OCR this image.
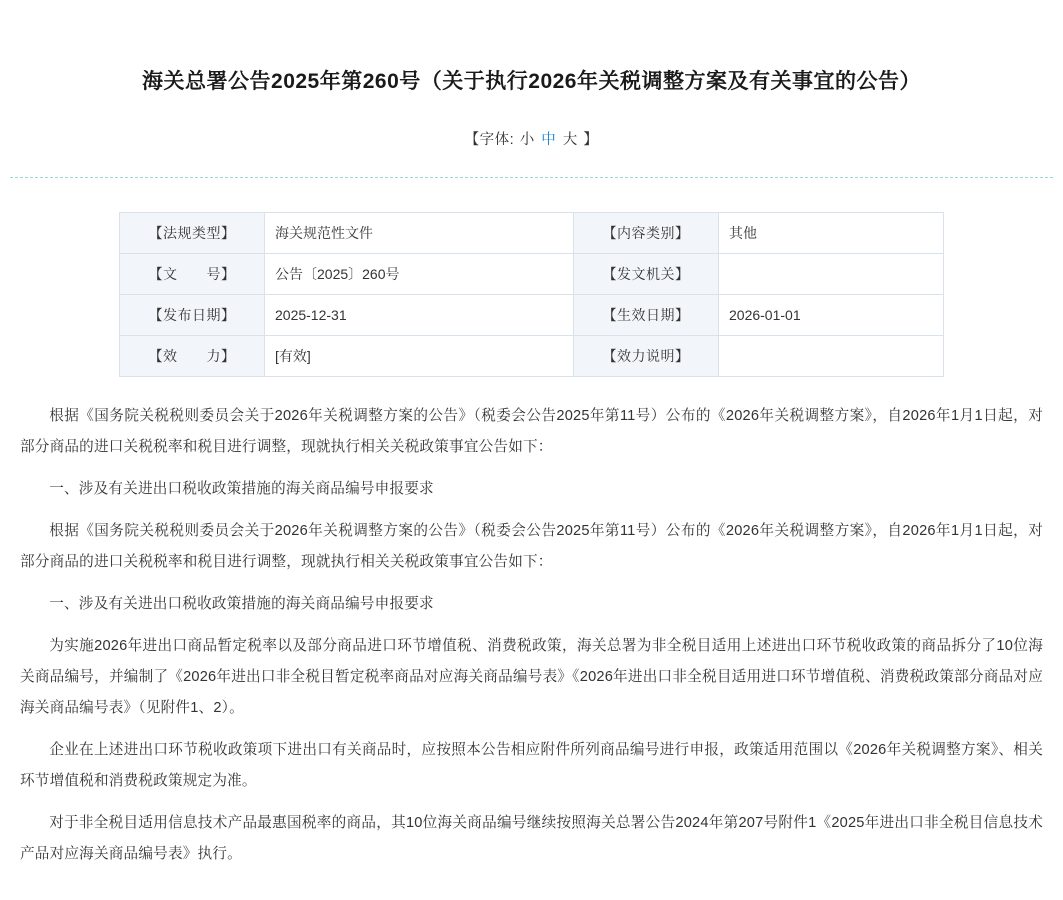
海关总署公告2025年第260号（关于执行2026年关税调整方案及有关事宜的公告）
【字体: 小 中 大 】
【法规类型】	海关规范性文件	【内容类别】	其他
【文　　号】	公告〔2025〕260号	【发文机关】	
【发布日期】	2025-12-31	【生效日期】	2026-01-01
【效　　力】	[有效]	【效力说明】	

根据《国务院关税税则委员会关于2026年关税调整方案的公告》（税委会公告2025年第11号）公布的《2026年关税调整方案》，自2026年1月1日起，对部分商品的进口关税税率和税目进行调整，现就执行相关关税政策事宜公告如下：

一、涉及有关进出口税收政策措施的海关商品编号申报要求

根据《国务院关税税则委员会关于2026年关税调整方案的公告》（税委会公告2025年第11号）公布的《2026年关税调整方案》，自2026年1月1日起，对部分商品的进口关税税率和税目进行调整，现就执行相关关税政策事宜公告如下：

一、涉及有关进出口税收政策措施的海关商品编号申报要求

为实施2026年进出口商品暂定税率以及部分商品进口环节增值税、消费税政策，海关总署为非全税目适用上述进出口环节税收政策的商品拆分了10位海关商品编号，并编制了《2026年进出口非全税目暂定税率商品对应海关商品编号表》《2026年进出口非全税目适用进口环节增值税、消费税政策部分商品对应海关商品编号表》（见附件1、2）。

企业在上述进出口环节税收政策项下进出口有关商品时，应按照本公告相应附件所列商品编号进行申报，政策适用范围以《2026年关税调整方案》、相关环节增值税和消费税政策规定为准。

对于非全税目适用信息技术产品最惠国税率的商品，其10位海关商品编号继续按照海关总署公告2024年第207号附件1《2025年进出口非全税目信息技术产品对应海关商品编号表》执行。
